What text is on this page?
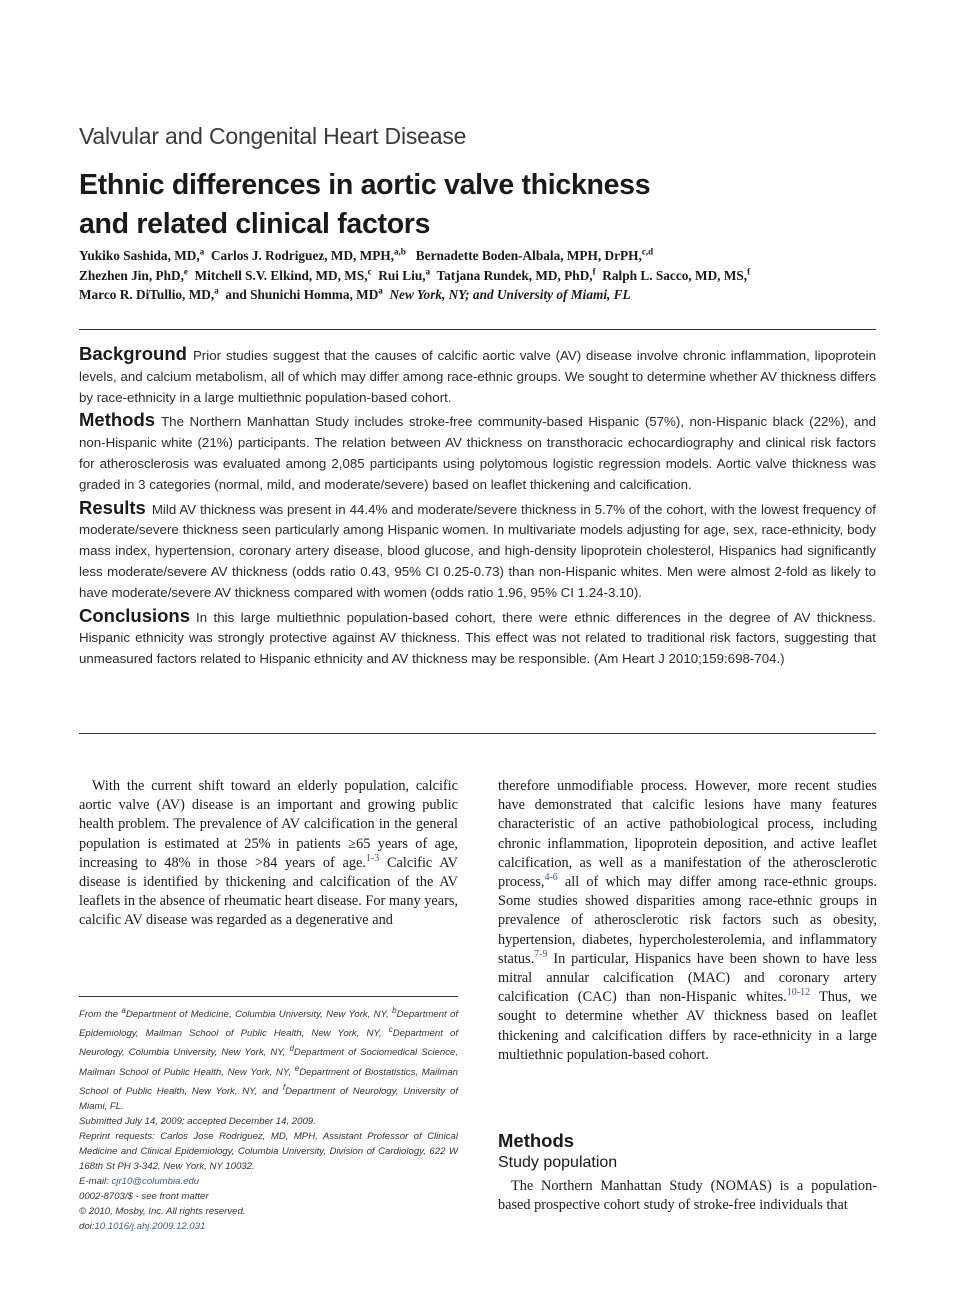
Valvular and Congenital Heart Disease
Ethnic differences in aortic valve thickness
and related clinical factors
Yukiko Sashida, MD,$^a$ Carlos J. Rodriguez, MD, MPH,$^{a,b}$ Bernadette Boden-Albala, MPH, DrPH,$^{c,d}$
Zhezhen Jin, PhD,$^e$ Mitchell S.V. Elkind, MD, MS,$^c$ Rui Liu,$^a$ Tatjana Rundek, MD, PhD,$^f$ Ralph L. Sacco, MD, MS,$^f$
Marco R. DiTullio, MD,$^a$ and Shunichi Homma, $MD^a$ New York, NY; and University of Miami, FL

Background Prior studies suggest that the causes of calcific aortic valve (AV) disease involve chronic inflammation, lipoprotein levels, and calcium metabolism, all of which may differ among race-ethnic groups. We sought to determine whether AV thickness differs by race-ethnicity in a large multiethnic population-based cohort.

Methods The Northern Manhattan Study includes stroke-free community-based Hispanic (57%), non-Hispanic black (22%), and non-Hispanic white (21%) participants. The relation between AV thickness on transthoracic echocardiography and clinical risk factors for atherosclerosis was evaluated among 2,085 participants using polytomous logistic regression models. Aortic valve thickness was graded in 3 categories (normal, mild, and moderate/severe) based on leaflet thickening and calcification.

Results Mild AV thickness was present in 44.4% and moderate/severe thickness in 5.7% of the cohort, with the lowest frequency of moderate/severe thickness seen particularly among Hispanic women. In multivariate models adjusting for age, sex, race-ethnicity, body mass index, hypertension, coronary artery disease, blood glucose, and high-density lipoprotein cholesterol, Hispanics had significantly less moderate/severe AV thickness (odds ratio 0.43, 95% CI 0.25-0.73) than non-Hispanic whites. Men were almost 2-fold as likely to have moderate/severe AV thickness compared with women (odds ratio 1.96, 95% CI 1.24-3.10).

Conclusions In this large multiethnic population-based cohort, there were ethnic differences in the degree of AV thickness. Hispanic ethnicity was strongly protective against AV thickness. This effect was not related to traditional risk factors, suggesting that unmeasured factors related to Hispanic ethnicity and AV thickness may be responsible. (Am Heart J 2010;159:698-704.)

With the current shift toward an elderly population, calcific aortic valve (AV) disease is an important and growing public health problem. The prevalence of AV calcification in the general population is estimated at 25% in patients ≥65 years of age, increasing to 48% in those >84 years of age.$^{1-3}$ Calcific AV disease is identified by thickening and calcification of the AV leaflets in the absence of rheumatic heart disease. For many years, calcific AV disease was regarded as a degenerative and

From the $^a$Department of Medicine, Columbia University, New York, NY, $^b$Department of Epidemiology, Mailman School of Public Health, New York, NY, $^c$Department of Neurology, Columbia University, New York, NY, $^d$Department of Sociomedical Science, Mailman School of Public Health, New York, NY, $^e$Department of Biostatistics, Mailman School of Public Health, New York, NY, and $^f$Department of Neurology, University of Miami, FL.

Submitted July 14, 2009; accepted December 14, 2009.

Reprint requests: Carlos Jose Rodriguez, MD, MPH, Assistant Professor of Clinical Medicine and Clinical Epidemiology, Columbia University, Division of Cardiology, 622 W 168th St PH 3-342, New York, NY 10032.

E-mail: cjr10@columbia.edu

0002-8703/$ - see front matter

© 2010, Mosby, Inc. All rights reserved.

doi:10.1016/j.ahj.2009.12.031

therefore unmodifiable process. However, more recent studies have demonstrated that calcific lesions have many features characteristic of an active pathobiological process, including chronic inflammation, lipoprotein deposition, and active leaflet calcification, as well as a manifestation of the atherosclerotic process,$^{4-6}$ all of which may differ among race-ethnic groups. Some studies showed disparities among race-ethnic groups in prevalence of atherosclerotic risk factors such as obesity, hypertension, diabetes, hypercholesterolemia, and inflammatory status.$^{7-9}$ In particular, Hispanics have been shown to have less mitral annular calcification (MAC) and coronary artery calcification (CAC) than non-Hispanic whites.$^{10-12}$ Thus, we sought to determine whether AV thickness based on leaflet thickening and calcification differs by race-ethnicity in a large multiethnic population-based cohort.

Methods
Study population

The Northern Manhattan Study (NOMAS) is a population-based prospective cohort study of stroke-free individuals that
